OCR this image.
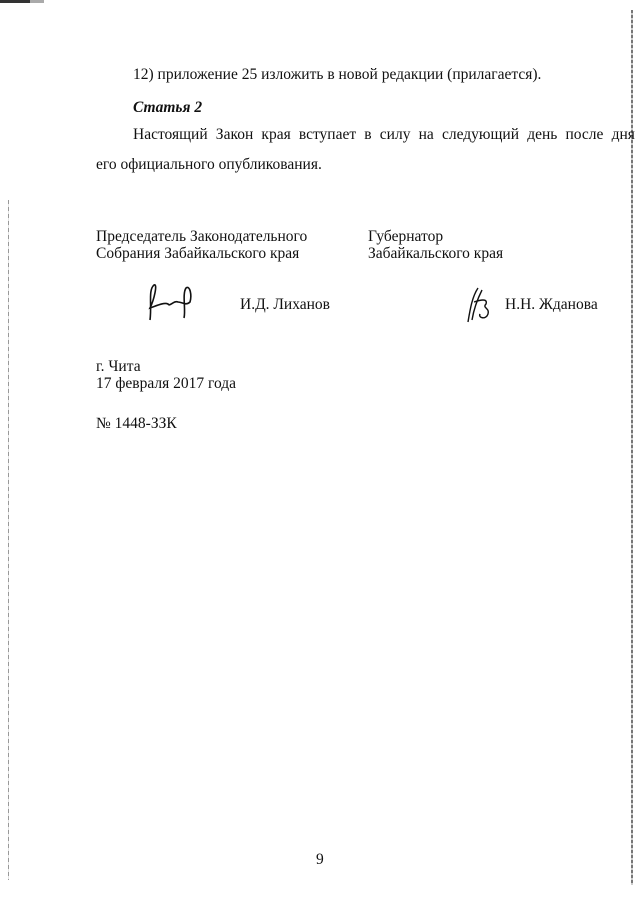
12) приложение 25 изложить в новой редакции (прилагается).
Статья 2
Настоящий Закон края вступает в силу на следующий день после дня
его официального опубликования.
Председатель Законодательного
Собрания Забайкальского края
Губернатор
Забайкальского края
И.Д. Лиханов	Н.Н. Жданова
г. Чита
17 февраля 2017 года
№ 1448-ЗЗК
9
